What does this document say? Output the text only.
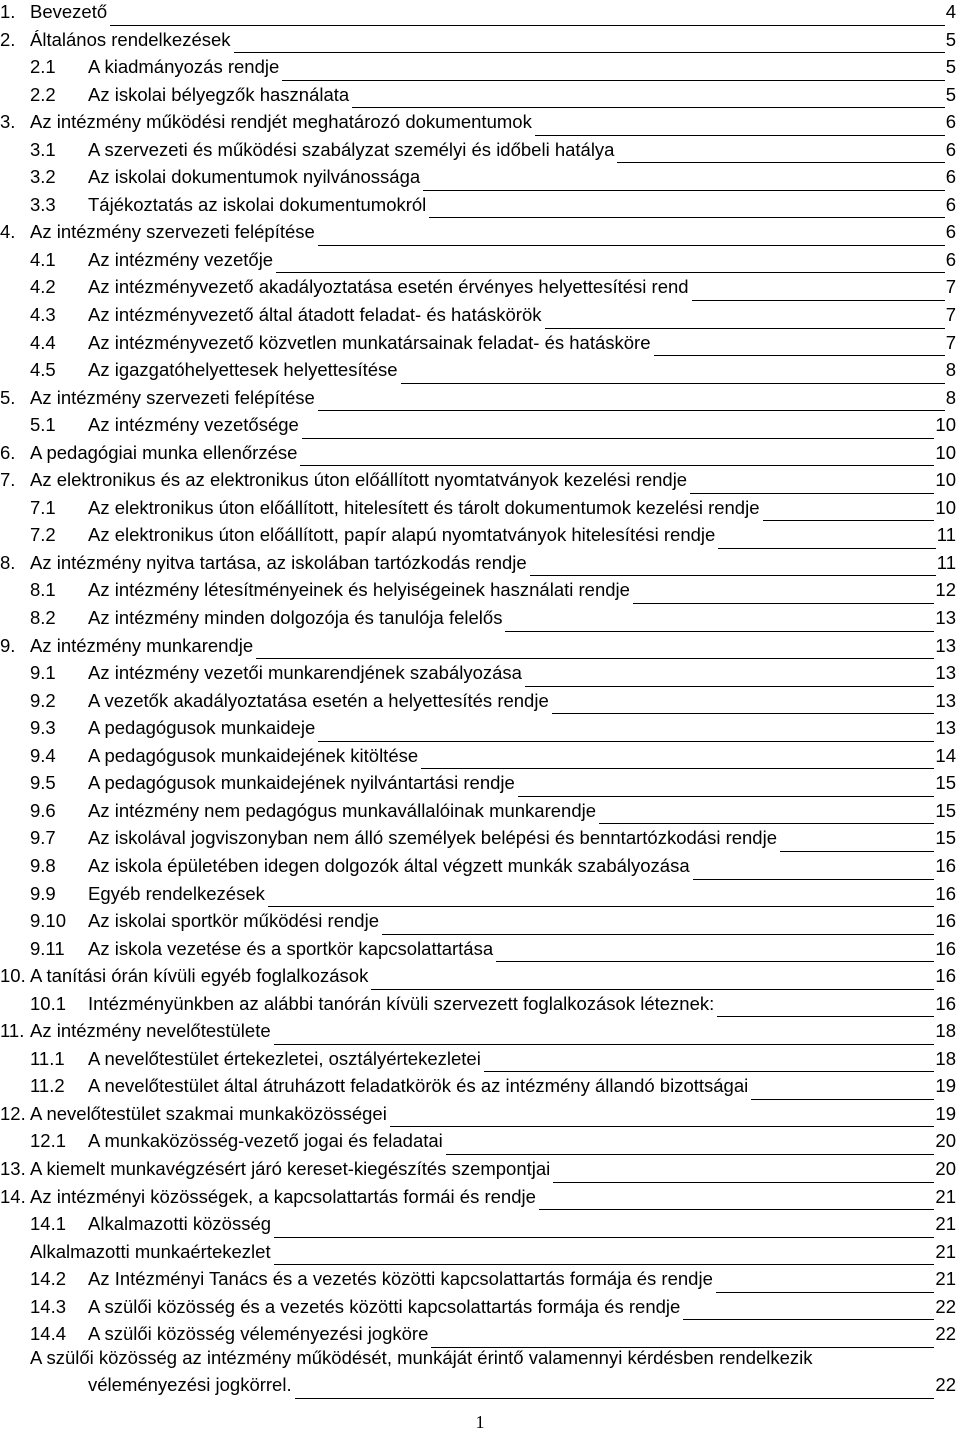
1. Bevezető	4
2. Általános rendelkezések	5
2.1 A kiadmányozás rendje	5
2.2 Az iskolai bélyegzők használata	5
3. Az intézmény működési rendjét meghatározó dokumentumok	6
3.1 A szervezeti és működési szabályzat személyi és időbeli hatálya	6
3.2 Az iskolai dokumentumok nyilvánossága	6
3.3 Tájékoztatás az iskolai dokumentumokról	6
4. Az intézmény szervezeti felépítése	6
4.1 Az intézmény vezetője	6
4.2 Az intézményvezető akadályoztatása esetén érvényes helyettesítési rend	7
4.3 Az intézményvezető által átadott feladat- és hatáskörök	7
4.4 Az intézményvezető közvetlen munkatársainak feladat- és hatásköre	7
4.5 Az igazgatóhelyettesek helyettesítése	8
5. Az intézmény szervezeti felépítése	8
5.1 Az intézmény vezetősége	10
6. A pedagógiai munka ellenőrzése	10
7. Az elektronikus és az elektronikus úton előállított nyomtatványok kezelési rendje	10
7.1 Az elektronikus úton előállított, hitelesített és tárolt dokumentumok kezelési rendje	10
7.2 Az elektronikus úton előállított, papír alapú nyomtatványok hitelesítési rendje	11
8. Az intézmény nyitva tartása, az iskolában tartózkodás rendje	11
8.1 Az intézmény létesítményeinek és helyiségeinek használati rendje	12
8.2 Az intézmény minden dolgozója és tanulója felelős	13
9. Az intézmény munkarendje	13
9.1 Az intézmény vezetői munkarendjének szabályozása	13
9.2 A vezetők akadályoztatása esetén a helyettesítés rendje	13
9.3 A pedagógusok munkaideje	13
9.4 A pedagógusok munkaidejének kitöltése	14
9.5 A pedagógusok munkaidejének nyilvántartási rendje	15
9.6 Az intézmény nem pedagógus munkavállalóinak munkarendje	15
9.7 Az iskolával jogviszonyban nem álló személyek belépési és benntartózkodási rendje	15
9.8 Az iskola épületében idegen dolgozók által végzett munkák szabályozása	16
9.9 Egyéb rendelkezések	16
9.10 Az iskolai sportkör működési rendje	16
9.11 Az iskola vezetése és a sportkör kapcsolattartása	16
10. A tanítási órán kívüli egyéb foglalkozások	16
10.1 Intézményünkben az alábbi tanórán kívüli szervezett foglalkozások léteznek:	16
11. Az intézmény nevelőtestülete	18
11.1 A nevelőtestület értekezletei, osztályértekezletei	18
11.2 A nevelőtestület által átruházott feladatkörök és az intézmény állandó bizottságai	19
12. A nevelőtestület szakmai munkaközösségei	19
12.1 A munkaközösség-vezető jogai és feladatai	20
13. A kiemelt munkavégzésért járó kereset-kiegészítés szempontjai	20
14. Az intézményi közösségek, a kapcsolattartás formái és rendje	21
14.1 Alkalmazotti közösség	21
Alkalmazotti munkaértekezlet	21
14.2 Az Intézményi Tanács és a vezetés közötti kapcsolattartás formája és rendje	21
14.3 A szülői közösség és a vezetés közötti kapcsolattartás formája és rendje	22
14.4 A szülői közösség véleményezési jogköre	22
A szülői közösség az intézmény működését, munkáját érintő valamennyi kérdésben rendelkezik
véleményezési jogkörrel.	22
1
